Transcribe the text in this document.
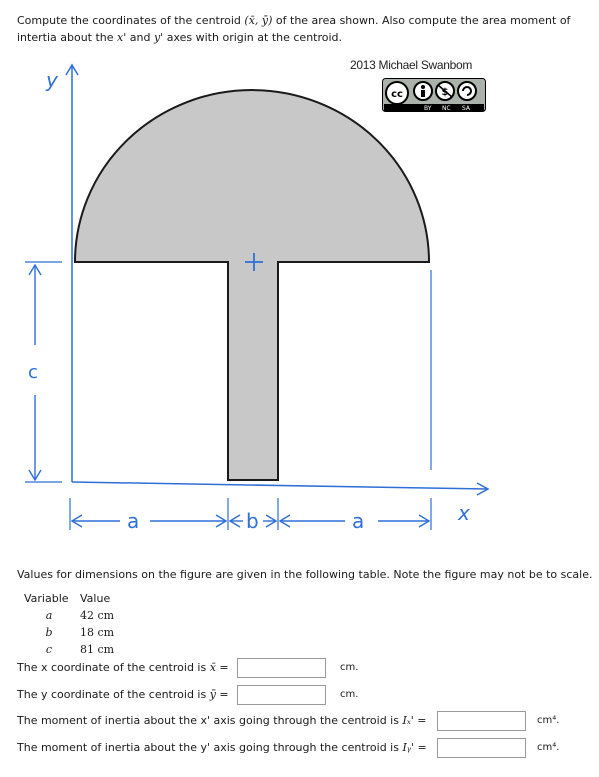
Compute the coordinates of the centroid (x̄, ȳ) of the area shown. Also compute the area moment of intertia about the x' and y' axes with origin at the centroid.
y
x
c
a	b	a
2013 Michael Swanbom
cc	$
BY NC SA
Values for dimensions on the figure are given in the following table. Note the figure may not be to scale.
Variable	Value
a	42 cm
b	18 cm
c	81 cm
The x coordinate of the centroid is x̄ =	cm.
The y coordinate of the centroid is ȳ =	cm.
The moment of inertia about the x' axis going through the centroid is Iₓ' =	cm⁴.
The moment of inertia about the y' axis going through the centroid is Iᵧ' =	cm⁴.
